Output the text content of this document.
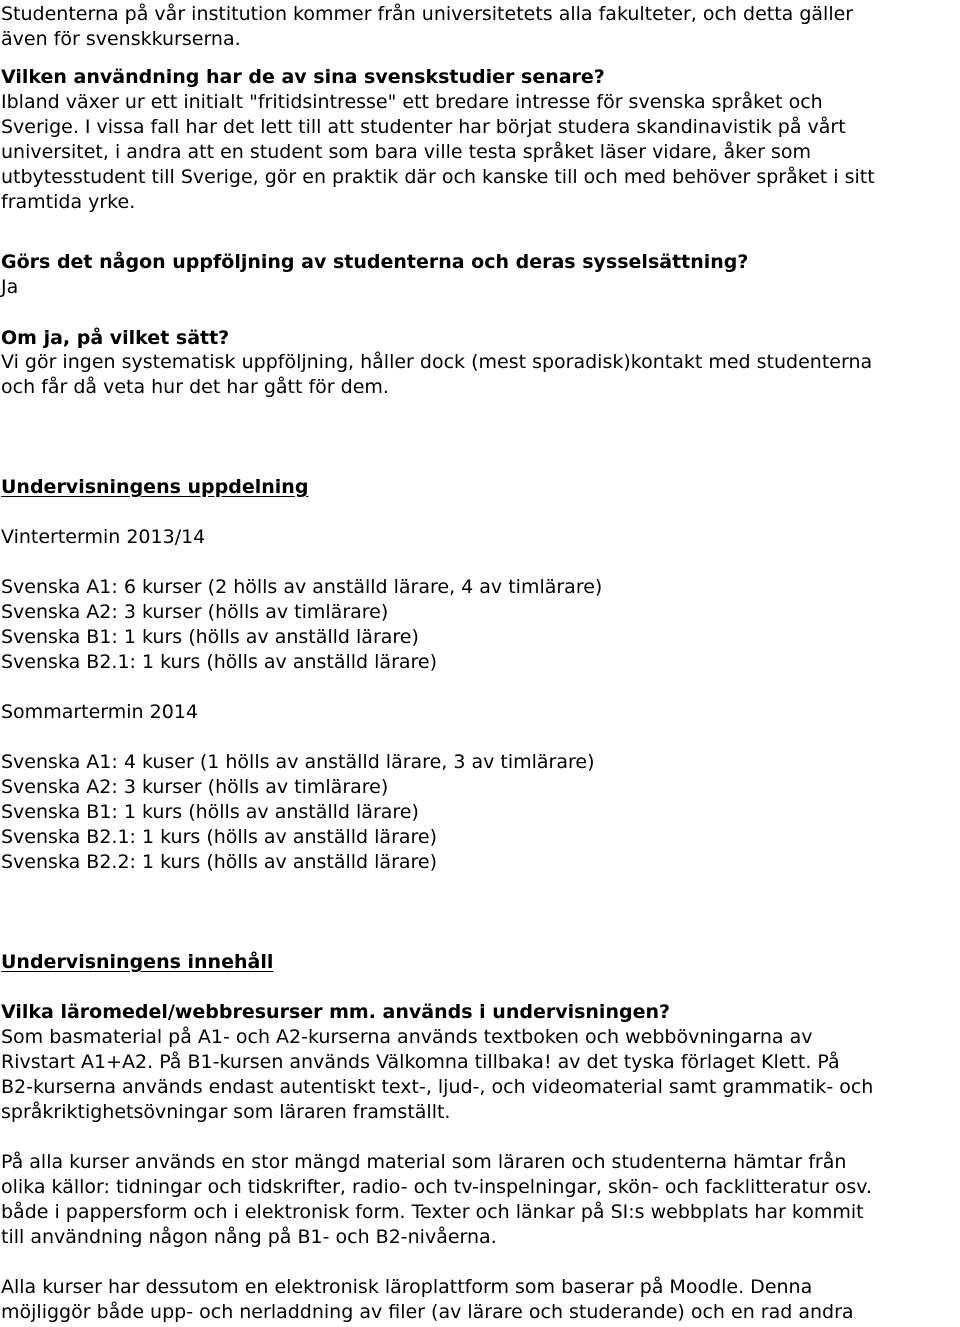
Studenterna på vår institution kommer från universitetets alla fakulteter, och detta gäller
även för svenskkurserna.
Vilken användning har de av sina svenskstudier senare?
Ibland växer ur ett initialt "fritidsintresse" ett bredare intresse för svenska språket och
Sverige. I vissa fall har det lett till att studenter har börjat studera skandinavistik på vårt
universitet, i andra att en student som bara ville testa språket läser vidare, åker som
utbytesstudent till Sverige, gör en praktik där och kanske till och med behöver språket i sitt
framtida yrke.
Görs det någon uppföljning av studenterna och deras sysselsättning?
Ja
Om ja, på vilket sätt?
Vi gör ingen systematisk uppföljning, håller dock (mest sporadisk)kontakt med studenterna
och får då veta hur det har gått för dem.
Undervisningens uppdelning
Vintertermin 2013/14
Svenska A1: 6 kurser (2 hölls av anställd lärare, 4 av timlärare)
Svenska A2: 3 kurser (hölls av timlärare)
Svenska B1: 1 kurs (hölls av anställd lärare)
Svenska B2.1: 1 kurs (hölls av anställd lärare)
Sommartermin 2014
Svenska A1: 4 kuser (1 hölls av anställd lärare, 3 av timlärare)
Svenska A2: 3 kurser (hölls av timlärare)
Svenska B1: 1 kurs (hölls av anställd lärare)
Svenska B2.1: 1 kurs (hölls av anställd lärare)
Svenska B2.2: 1 kurs (hölls av anställd lärare)
Undervisningens innehåll
Vilka läromedel/webbresurser mm. används i undervisningen?
Som basmaterial på A1- och A2-kurserna används textboken och webbövningarna av
Rivstart A1+A2. På B1-kursen används Välkomna tillbaka! av det tyska förlaget Klett. På
B2-kurserna används endast autentiskt text-, ljud-, och videomaterial samt grammatik- och
språkriktighetsövningar som läraren framställt.
På alla kurser används en stor mängd material som läraren och studenterna hämtar från
olika källor: tidningar och tidskrifter, radio- och tv-inspelningar, skön- och facklitteratur osv.
både i pappersform och i elektronisk form. Texter och länkar på SI:s webbplats har kommit
till användning någon nång på B1- och B2-nivåerna.
Alla kurser har dessutom en elektronisk läroplattform som baserar på Moodle. Denna
möjliggör både upp- och nerladdning av filer (av lärare och studerande) och en rad andra
